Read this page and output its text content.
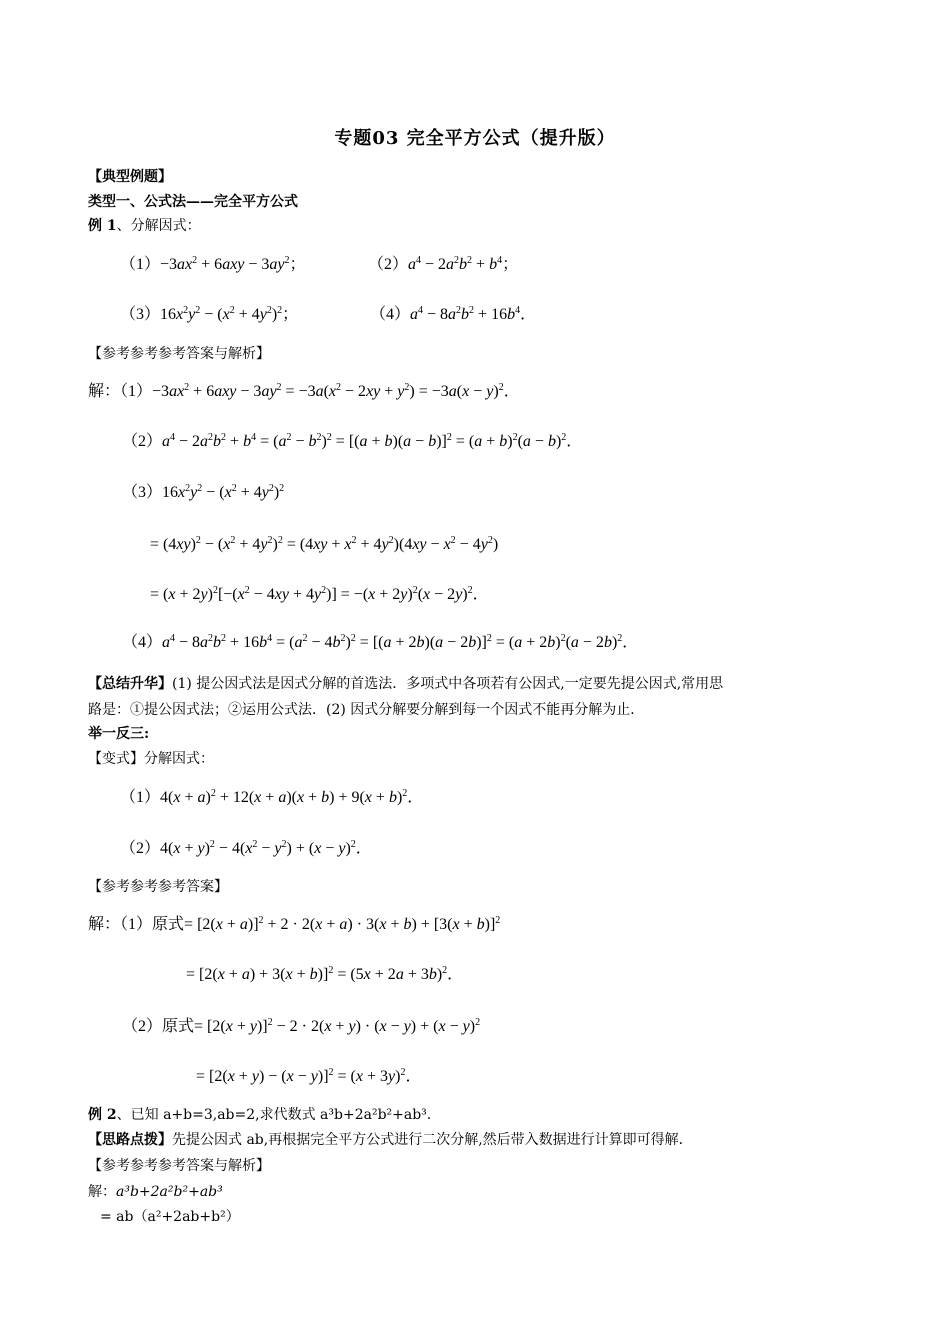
专题03 完全平方公式（提升版）
【典型例题】
类型一、公式法——完全平方公式
例 1、分解因式：
$(1)-3ax^2 + 6axy - 3ay^2$；	$(2)a^4 - 2a^2b^2 + b^4$；
$(3)16x^2y^2 - (x^2 + 4y^2)^2$；	$(4)a^4 - 8a^2b^2 + 16b^4$．
【参考参考参考答案与解析】
解：$(1)-3ax^2 + 6axy - 3ay^2 = -3a(x^2 - 2xy + y^2) = -3a(x - y)^2$．
$(2)a^4 - 2a^2b^2 + b^4 = (a^2 - b^2)^2 = [(a + b)(a - b)]^2 = (a + b)^2(a - b)^2$．
$(3)16x^2y^2 - (x^2 + 4y^2)^2$
= $(4xy)^2 - (x^2 + 4y^2)^2 = (4xy + x^2 + 4y^2)(4xy - x^2 - 4y^2)$
= $(x + 2y)^2[-(x^2 - 4xy + 4y^2)] = -(x + 2y)^2(x - 2y)^2$．
$(4)a^4 - 8a^2b^2 + 16b^4 = (a^2 - 4b^2)^2 = [(a + 2b)(a - 2b)]^2 = (a + 2b)^2(a - 2b)^2$．
【总结升华】(1) 提公因式法是因式分解的首选法．多项式中各项若有公因式,一定要先提公因式,常用思
路是：①提公因式法；②运用公式法．(2) 因式分解要分解到每一个因式不能再分解为止．
举一反三:
【变式】分解因式：
$(1)4(x + a)^2 + 12(x + a)(x + b) + 9(x + b)^2$．
$(2)4(x + y)^2 - 4(x^2 - y^2) + (x - y)^2$．
【参考参考参考答案】
解：（1）原式= $[2(x + a)]^2 + 2 \cdot 2(x + a) \cdot 3(x + b) + [3(x + b)]^2$
= $[2(x + a) + 3(x + b)]^2 = (5x + 2a + 3b)^2$．
（2）原式= $[2(x + y)]^2 - 2 \cdot 2(x + y) \cdot (x - y) + (x - y)^2$
= $[2(x + y) - (x - y)]^2 = (x + 3y)^2$．
例 2、已知 a+b=3,ab=2,求代数式 a³b+2a²b²+ab³.
【思路点拨】先提公因式 ab,再根据完全平方公式进行二次分解,然后带入数据进行计算即可得解．
【参考参考参考答案与解析】
解：a³b+2a²b²+ab³
= ab（a²+2ab+b²）
